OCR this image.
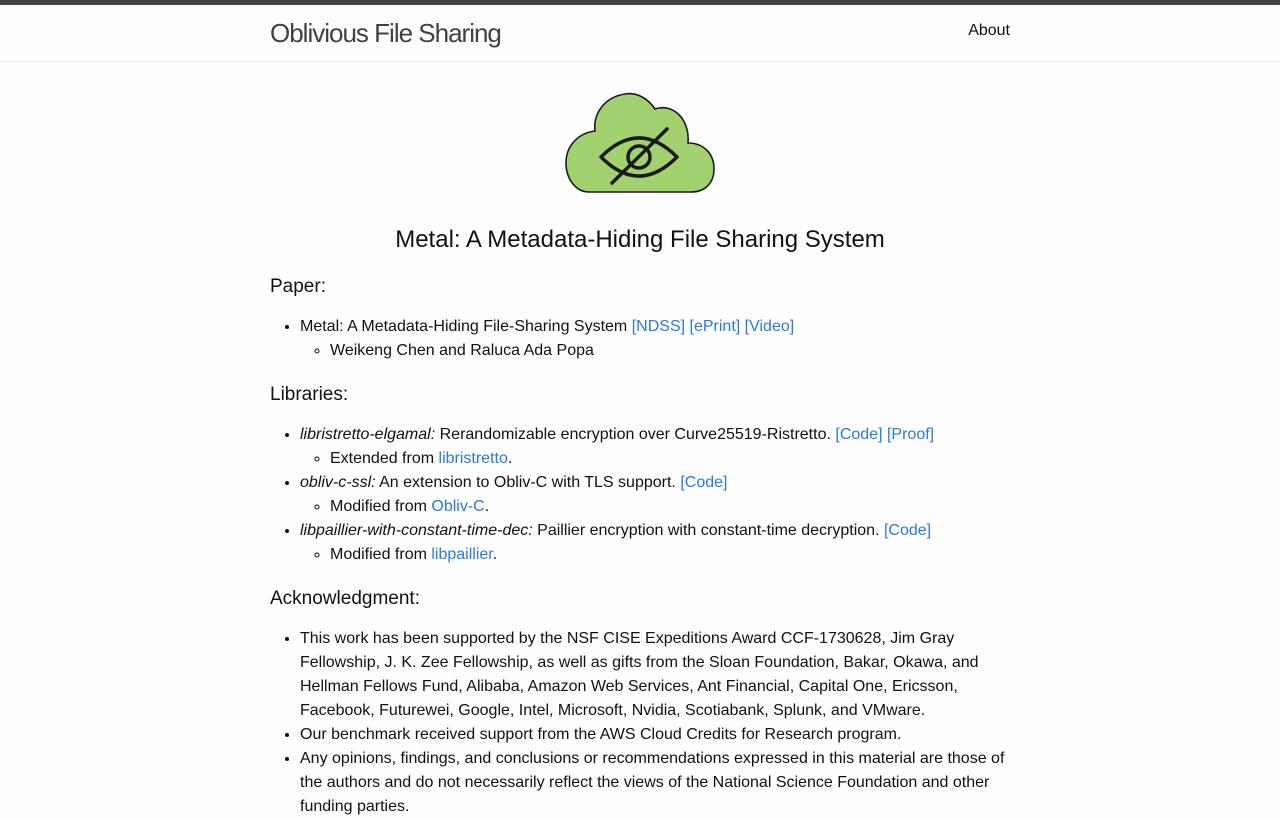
Oblivious File Sharing	About
Metal: A Metadata-Hiding File Sharing System
Paper:
• Metal: A Metadata-Hiding File-Sharing System [NDSS] [ePrint] [Video]
◦ Weikeng Chen and Raluca Ada Popa
Libraries:
• libristretto-elgamal: Rerandomizable encryption over Curve25519-Ristretto. [Code] [Proof]
◦ Extended from libristretto.
• obliv-c-ssl: An extension to Obliv-C with TLS support. [Code]
◦ Modified from Obliv-C.
• libpaillier-with-constant-time-dec: Paillier encryption with constant-time decryption. [Code]
◦ Modified from libpaillier.
Acknowledgment:
• This work has been supported by the NSF CISE Expeditions Award CCF-1730628, Jim Gray Fellowship, J. K. Zee Fellowship, as well as gifts from the Sloan Foundation, Bakar, Okawa, and Hellman Fellows Fund, Alibaba, Amazon Web Services, Ant Financial, Capital One, Ericsson, Facebook, Futurewei, Google, Intel, Microsoft, Nvidia, Scotiabank, Splunk, and VMware.
• Our benchmark received support from the AWS Cloud Credits for Research program.
• Any opinions, findings, and conclusions or recommendations expressed in this material are those of the authors and do not necessarily reflect the views of the National Science Foundation and other funding parties.
